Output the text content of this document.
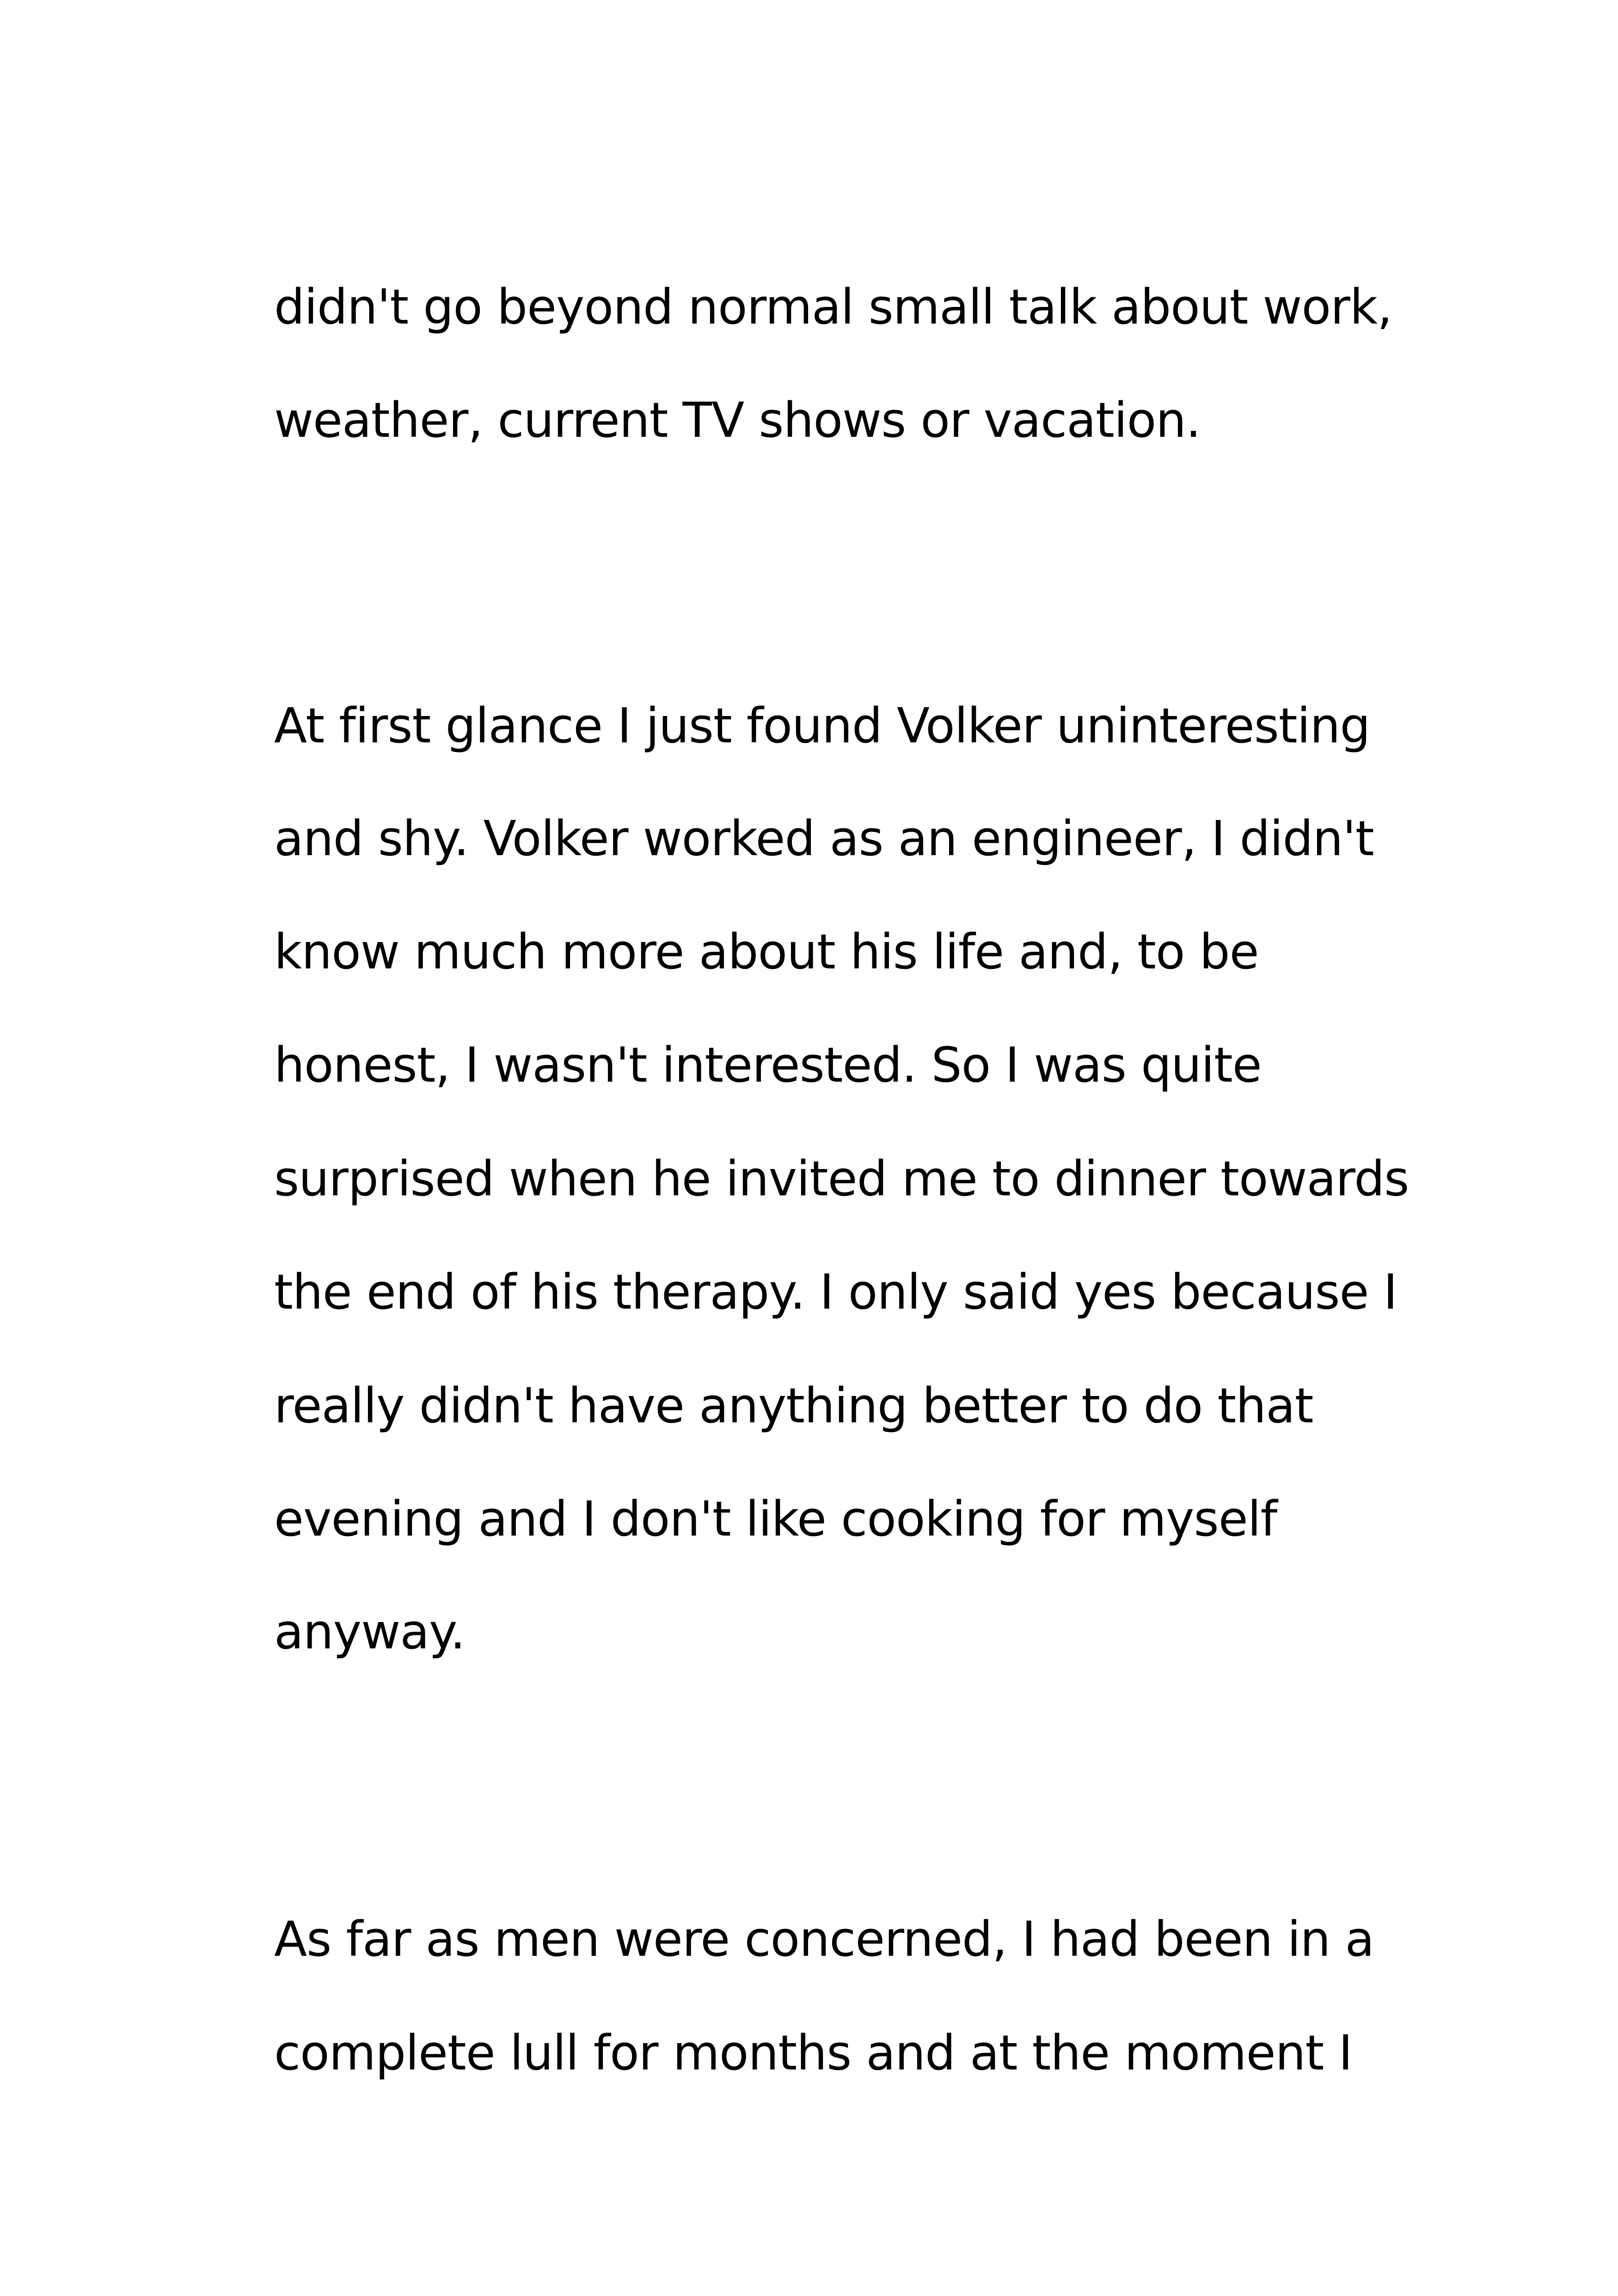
didn't go beyond normal small talk about work,

weather, current TV shows or vacation.

At first glance I just found Volker uninteresting

and shy. Volker worked as an engineer, I didn't

know much more about his life and, to be

honest, I wasn't interested. So I was quite

surprised when he invited me to dinner towards

the end of his therapy. I only said yes because I

really didn't have anything better to do that

evening and I don't like cooking for myself

anyway.

As far as men were concerned, I had been in a

complete lull for months and at the moment I
